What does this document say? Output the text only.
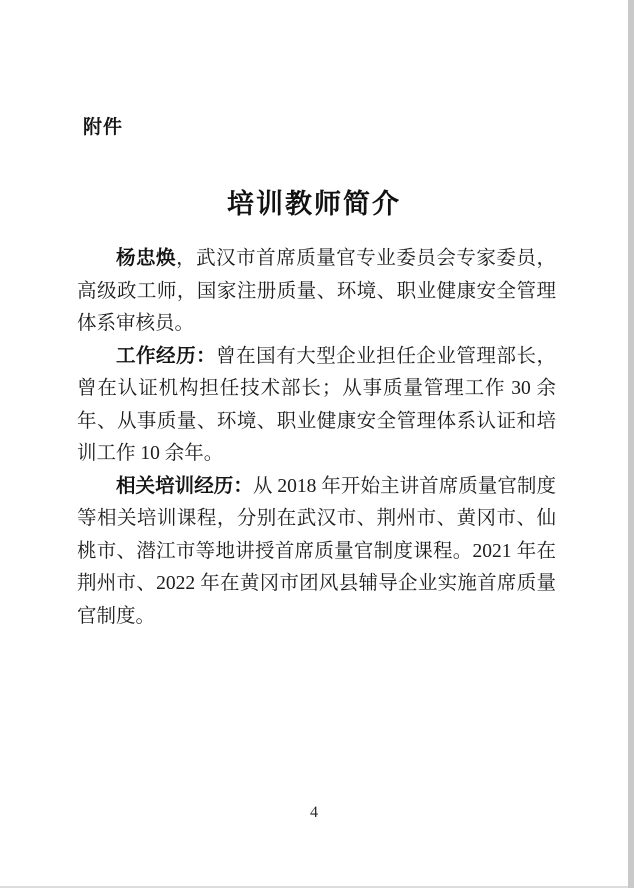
附件
培训教师简介

杨忠焕，武汉市首席质量官专业委员会专家委员，高级政工师，国家注册质量、环境、职业健康安全管理体系审核员。

工作经历：曾在国有大型企业担任企业管理部长，曾在认证机构担任技术部长；从事质量管理工作 30 余年、从事质量、环境、职业健康安全管理体系认证和培训工作 10 余年。

相关培训经历：从 2018 年开始主讲首席质量官制度等相关培训课程，分别在武汉市、荆州市、黄冈市、仙桃市、潜江市等地讲授首席质量官制度课程。2021 年在荆州市、2022 年在黄冈市团风县辅导企业实施首席质量官制度。

4
